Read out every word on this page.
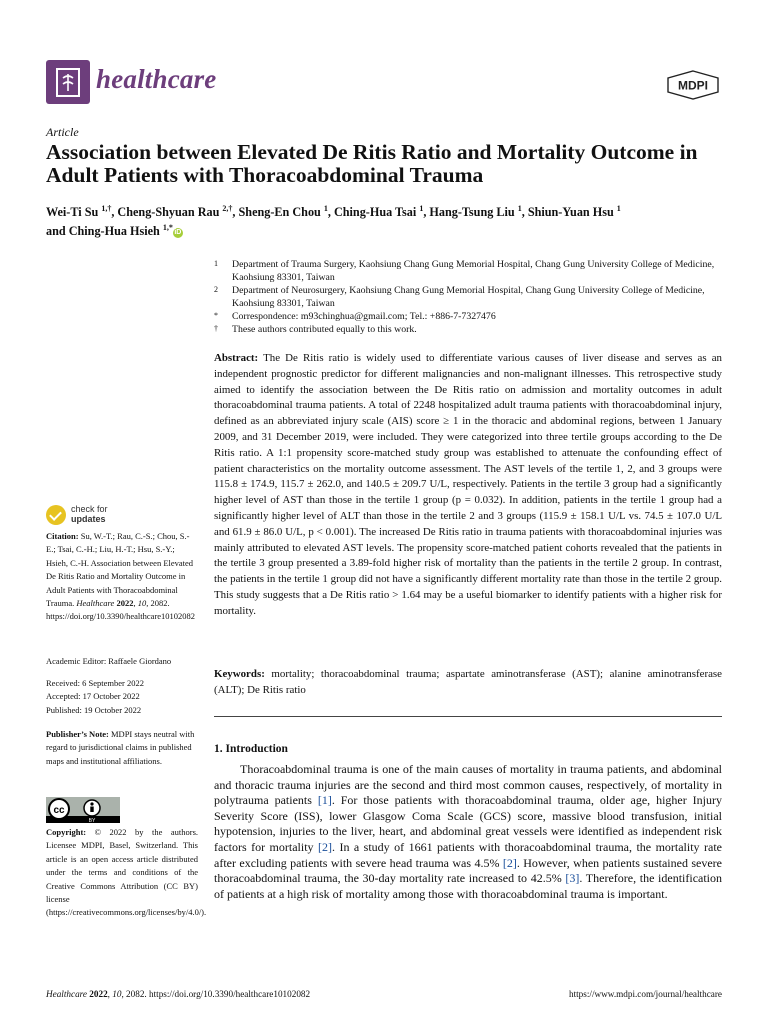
healthcare	MDPI
Article
Association between Elevated De Ritis Ratio and Mortality Outcome in Adult Patients with Thoracoabdominal Trauma
Wei-Ti Su $^{1,\dagger}$, Cheng-Shyuan Rau $^{2,\dagger}$, Sheng-En Chou $^1$, Ching-Hua Tsai $^1$, Hang-Tsung Liu $^1$, Shiun-Yuan Hsu $^1$
and Ching-Hua Hsieh $^{1,*}$iD
1	Department of Trauma Surgery, Kaohsiung Chang Gung Memorial Hospital, Chang Gung University College of Medicine, Kaohsiung 83301, Taiwan
2	Department of Neurosurgery, Kaohsiung Chang Gung Memorial Hospital, Chang Gung University College of Medicine, Kaohsiung 83301, Taiwan
*	Correspondence: m93chinghua@gmail.com; Tel.: +886-7-7327476
†	These authors contributed equally to this work.
Abstract: The De Ritis ratio is widely used to differentiate various causes of liver disease and serves as an independent prognostic predictor for different malignancies and non-malignant illnesses. This retrospective study aimed to identify the association between the De Ritis ratio on admission and mortality outcomes in adult thoracoabdominal trauma patients. A total of 2248 hospitalized adult trauma patients with thoracoabdominal injury, defined as an abbreviated injury scale (AIS) score ≥ 1 in the thoracic and abdominal regions, between 1 January 2009, and 31 December 2019, were included. They were categorized into three tertile groups according to the De Ritis ratio. A 1:1 propensity score-matched study group was established to attenuate the confounding effect of patient characteristics on the mortality outcome assessment. The AST levels of the tertile 1, 2, and 3 groups were 115.8 ± 174.9, 115.7 ± 262.0, and 140.5 ± 209.7 U/L, respectively. Patients in the tertile 3 group had a significantly higher level of AST than those in the tertile 1 group (p = 0.032). In addition, patients in the tertile 1 group had a significantly higher level of ALT than those in the tertile 2 and 3 groups (115.9 ± 158.1 U/L vs. 74.5 ± 107.0 U/L and 61.9 ± 86.0 U/L, p < 0.001). The increased De Ritis ratio in trauma patients with thoracoabdominal injuries was mainly attributed to elevated AST levels. The propensity score-matched patient cohorts revealed that the patients in the tertile 3 group presented a 3.89-fold higher risk of mortality than the patients in the tertile 2 group. In contrast, the patients in the tertile 1 group did not have a significantly different mortality rate than those in the tertile 2 group. This study suggests that a De Ritis ratio > 1.64 may be a useful biomarker to identify patients with a higher risk for mortality.
Keywords: mortality; thoracoabdominal trauma; aspartate aminotransferase (AST); alanine aminotransferase (ALT); De Ritis ratio
1. Introduction
Thoracoabdominal trauma is one of the main causes of mortality in trauma patients, and abdominal and thoracic trauma injuries are the second and third most common causes, respectively, of mortality in polytrauma patients [1]. For those patients with thoracoabdominal trauma, older age, higher Injury Severity Score (ISS), lower Glasgow Coma Scale (GCS) score, massive blood transfusion, initial hypotension, injuries to the liver, heart, and abdominal great vessels were identified as independent risk factors for mortality [2]. In a study of 1661 patients with thoracoabdominal trauma, the mortality rate after excluding patients with severe head trauma was 4.5% [2]. However, when patients sustained severe thoracoabdominal trauma, the 30-day mortality rate increased to 42.5% [3]. Therefore, the identification of patients at a high risk of mortality among those with thoracoabdominal trauma is important.
check for
updates
Citation: Su, W.-T.; Rau, C.-S.; Chou, S.-E.; Tsai, C.-H.; Liu, H.-T.; Hsu, S.-Y.; Hsieh, C.-H. Association between Elevated De Ritis Ratio and Mortality Outcome in Adult Patients with Thoracoabdominal Trauma. Healthcare 2022, 10, 2082. https://doi.org/10.3390/healthcare10102082
Academic Editor: Raffaele Giordano
Received: 6 September 2022
Accepted: 17 October 2022
Published: 19 October 2022
Publisher’s Note: MDPI stays neutral with regard to jurisdictional claims in published maps and institutional affiliations.
cc
BY
Copyright: © 2022 by the authors. Licensee MDPI, Basel, Switzerland. This article is an open access article distributed under the terms and conditions of the Creative Commons Attribution (CC BY) license (https://creativecommons.org/licenses/by/4.0/).
Healthcare 2022, 10, 2082. https://doi.org/10.3390/healthcare10102082	https://www.mdpi.com/journal/healthcare
